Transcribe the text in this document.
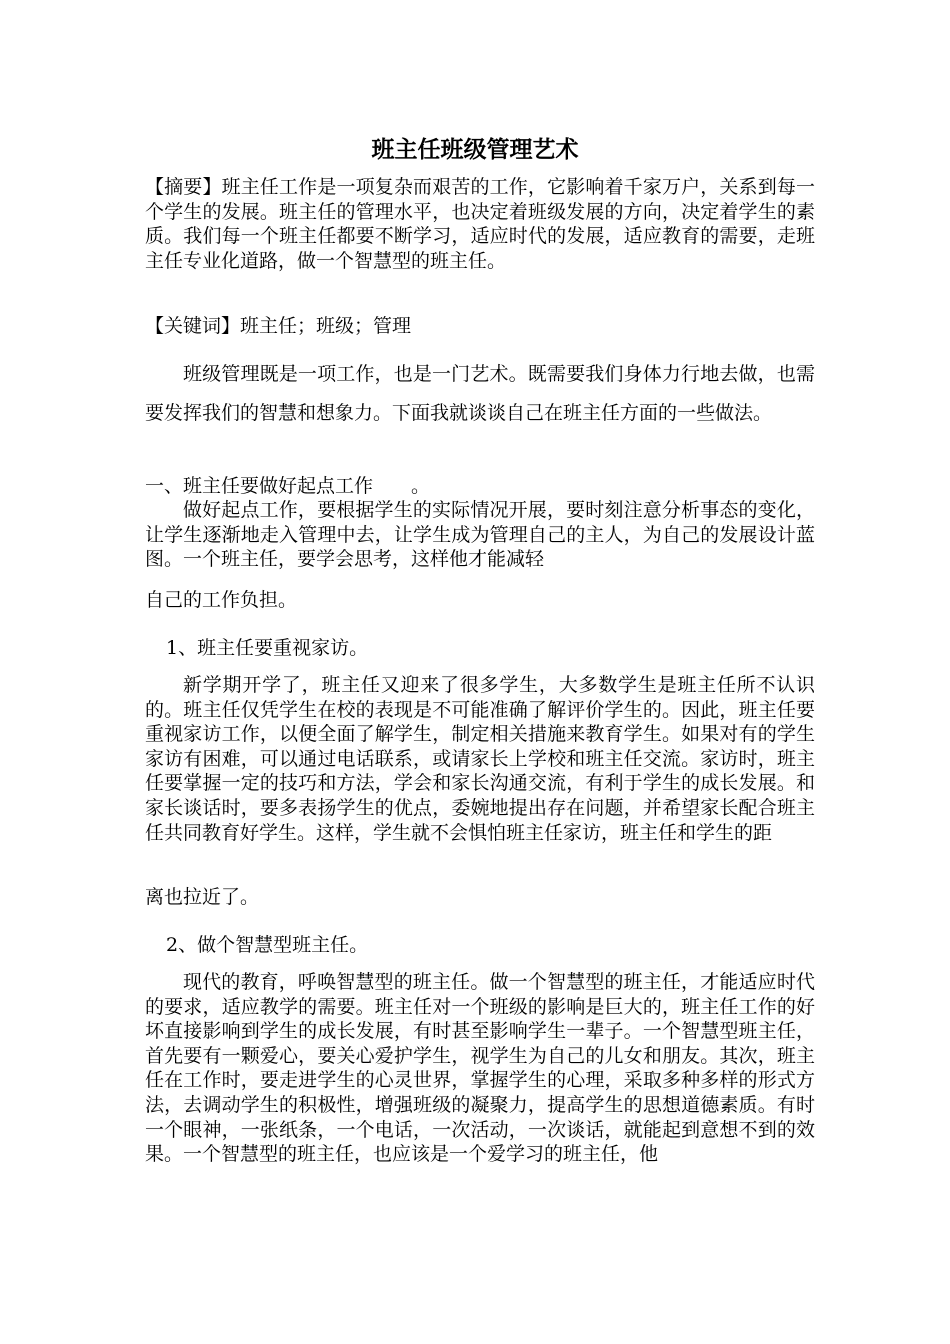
班主任班级管理艺术
【摘要】班主任工作是一项复杂而艰苦的工作，它影响着千家万户，关系到每一个学生的发展。班主任的管理水平，也决定着班级发展的方向，决定着学生的素质。我们每一个班主任都要不断学习，适应时代的发展，适应教育的需要，走班主任专业化道路，做一个智慧型的班主任。
【关键词】班主任；班级；管理
班级管理既是一项工作，也是一门艺术。既需要我们身体力行地去做，也需要发挥我们的智慧和想象力。下面我就谈谈自己在班主任方面的一些做法。
一、班主任要做好起点工作　　。
做好起点工作，要根据学生的实际情况开展，要时刻注意分析事态的变化，让学生逐渐地走入管理中去，让学生成为管理自己的主人，为自己的发展设计蓝图。一个班主任，要学会思考，这样他才能减轻
自己的工作负担。
1、班主任要重视家访。
新学期开学了，班主任又迎来了很多学生，大多数学生是班主任所不认识的。班主任仅凭学生在校的表现是不可能准确了解评价学生的。因此，班主任要重视家访工作，以便全面了解学生，制定相关措施来教育学生。如果对有的学生家访有困难，可以通过电话联系，或请家长上学校和班主任交流。家访时，班主任要掌握一定的技巧和方法，学会和家长沟通交流，有利于学生的成长发展。和家长谈话时，要多表扬学生的优点，委婉地提出存在问题，并希望家长配合班主任共同教育好学生。这样，学生就不会惧怕班主任家访，班主任和学生的距
离也拉近了。
2、做个智慧型班主任。
现代的教育，呼唤智慧型的班主任。做一个智慧型的班主任，才能适应时代的要求，适应教学的需要。班主任对一个班级的影响是巨大的，班主任工作的好坏直接影响到学生的成长发展，有时甚至影响学生一辈子。一个智慧型班主任，首先要有一颗爱心，要关心爱护学生，视学生为自己的儿女和朋友。其次，班主任在工作时，要走进学生的心灵世界，掌握学生的心理，采取多种多样的形式方法，去调动学生的积极性，增强班级的凝聚力，提高学生的思想道德素质。有时一个眼神，一张纸条，一个电话，一次活动，一次谈话，就能起到意想不到的效果。一个智慧型的班主任，也应该是一个爱学习的班主任，他
